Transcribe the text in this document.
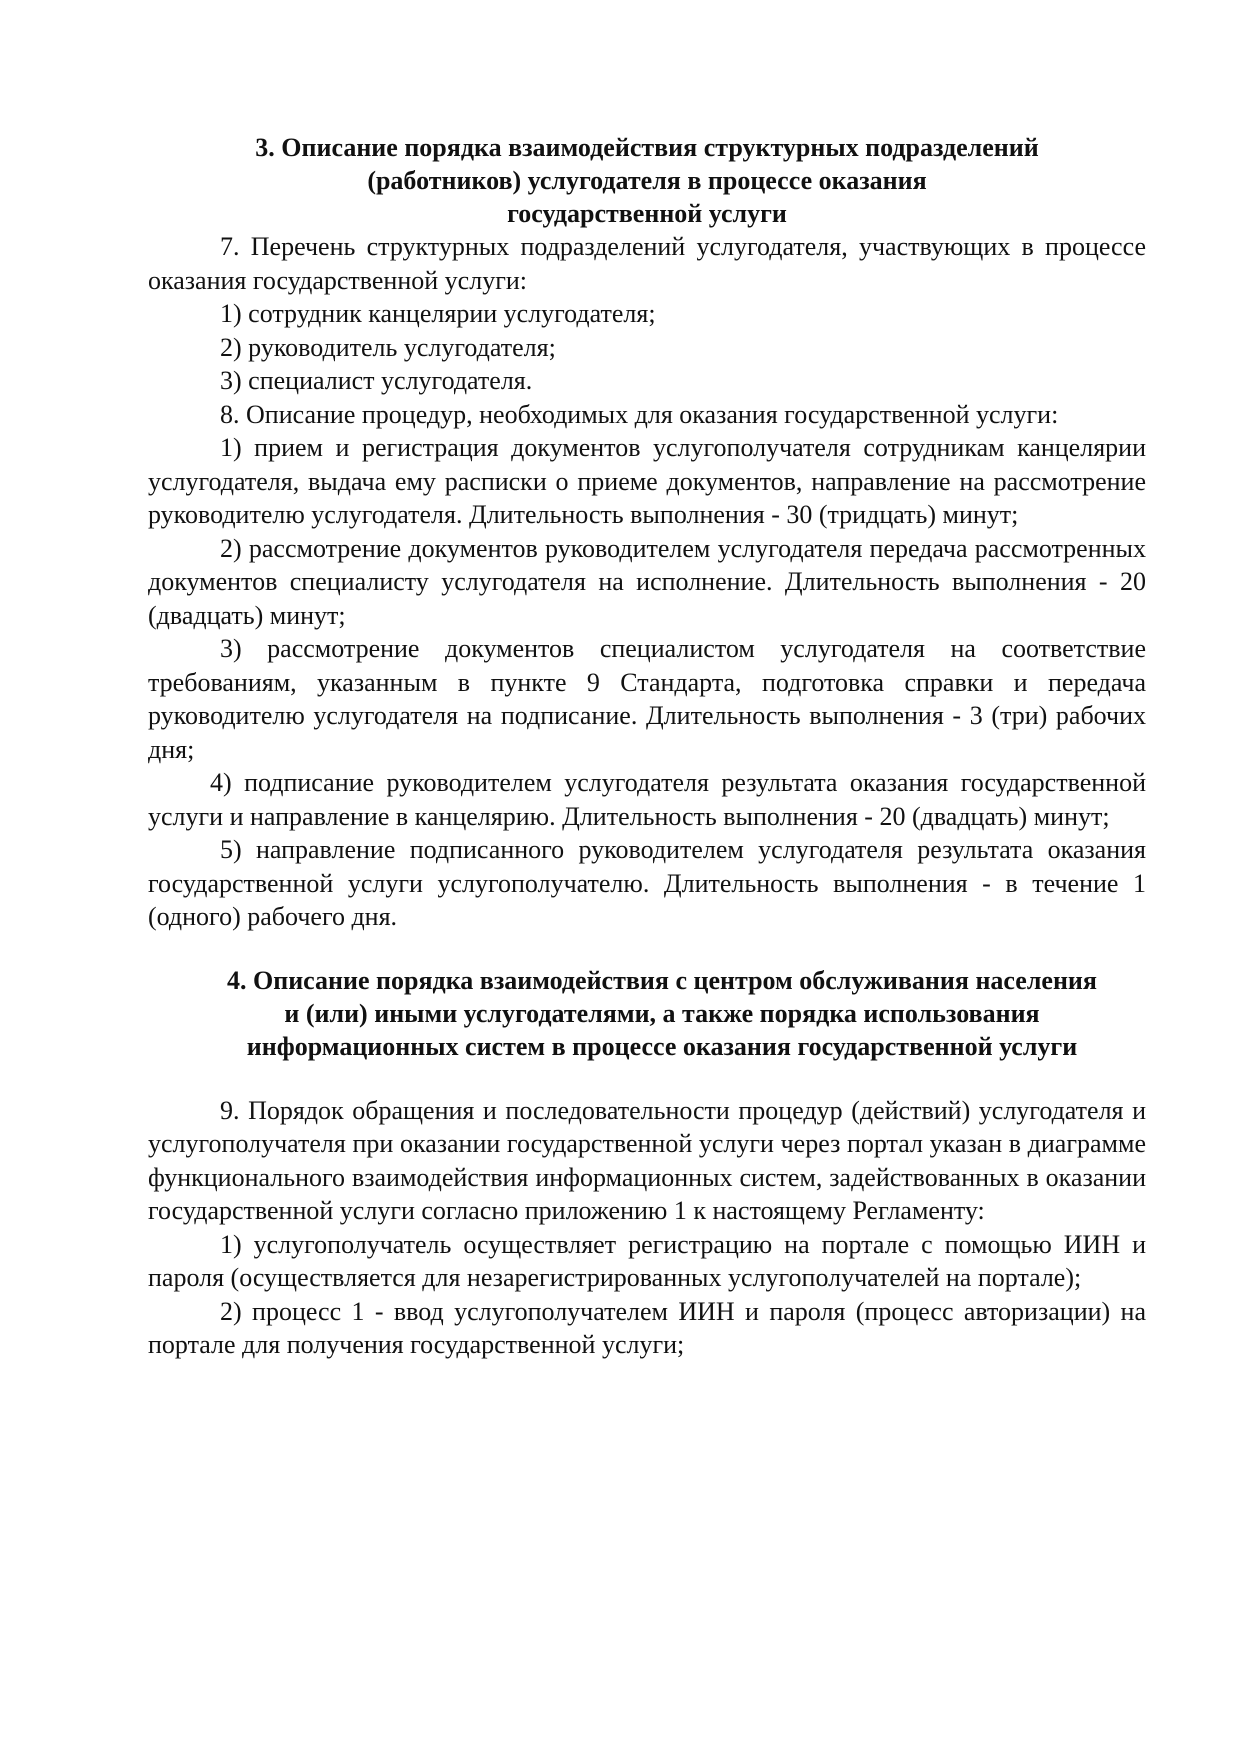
3. Описание порядка взаимодействия структурных подразделений
(работников) услугодателя в процессе оказания
государственной услуги

7. Перечень структурных подразделений услугодателя, участвующих в процессе оказания государственной услуги:

1) сотрудник канцелярии услугодателя;

2) руководитель услугодателя;

3) специалист услугодателя.

8. Описание процедур, необходимых для оказания государственной услуги:

1) прием и регистрация документов услугополучателя сотрудникам канцелярии услугодателя, выдача ему расписки о приеме документов, направление на рассмотрение руководителю услугодателя. Длительность выполнения - 30 (тридцать) минут;

2) рассмотрение документов руководителем услугодателя передача рассмотренных документов специалисту услугодателя на исполнение. Длительность выполнения - 20 (двадцать) минут;

3) рассмотрение документов специалистом услугодателя на соответствие требованиям, указанным в пункте 9 Стандарта, подготовка справки и передача руководителю услугодателя на подписание. Длительность выполнения - 3 (три) рабочих дня;

4) подписание руководителем услугодателя результата оказания государственной услуги и направление в канцелярию. Длительность выполнения - 20 (двадцать) минут;

5) направление подписанного руководителем услугодателя результата оказания государственной услуги услугополучателю. Длительность выполнения - в течение 1 (одного) рабочего дня.

4. Описание порядка взаимодействия с центром обслуживания населения
и (или) иными услугодателями, а также порядка использования
информационных систем в процессе оказания государственной услуги

9. Порядок обращения и последовательности процедур (действий) услугодателя и услугополучателя при оказании государственной услуги через портал указан в диаграмме функционального взаимодействия информационных систем, задействованных в оказании государственной услуги согласно приложению 1 к настоящему Регламенту:

1) услугополучатель осуществляет регистрацию на портале с помощью ИИН и пароля (осуществляется для незарегистрированных услугополучателей на портале);

2) процесс 1 - ввод услугополучателем ИИН и пароля (процесс авторизации) на портале для получения государственной услуги;
